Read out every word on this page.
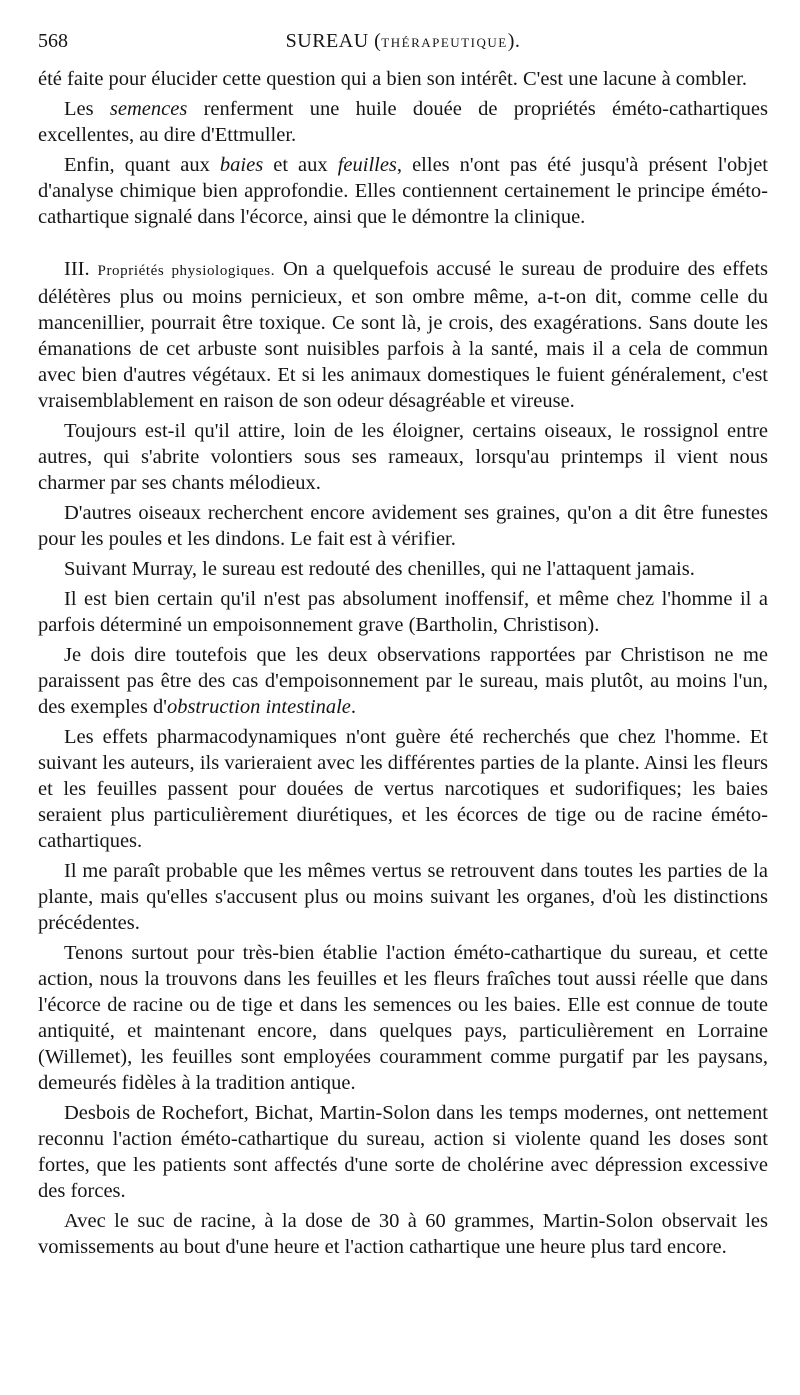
568	SUREAU (THÉRAPEUTIQUE).

été faite pour élucider cette question qui a bien son intérêt. C'est une lacune à combler.

Les semences renferment une huile douée de propriétés éméto-cathartiques excellentes, au dire d'Ettmuller.

Enfin, quant aux baies et aux feuilles, elles n'ont pas été jusqu'à présent l'objet d'analyse chimique bien approfondie. Elles contiennent certainement le principe éméto-cathartique signalé dans l'écorce, ainsi que le démontre la clinique.

III. Propriétés physiologiques. On a quelquefois accusé le sureau de produire des effets délétères plus ou moins pernicieux, et son ombre même, a-t-on dit, comme celle du mancenillier, pourrait être toxique. Ce sont là, je crois, des exagérations. Sans doute les émanations de cet arbuste sont nuisibles parfois à la santé, mais il a cela de commun avec bien d'autres végétaux. Et si les animaux domestiques le fuient généralement, c'est vraisemblablement en raison de son odeur désagréable et vireuse.

Toujours est-il qu'il attire, loin de les éloigner, certains oiseaux, le rossignol entre autres, qui s'abrite volontiers sous ses rameaux, lorsqu'au printemps il vient nous charmer par ses chants mélodieux.

D'autres oiseaux recherchent encore avidement ses graines, qu'on a dit être funestes pour les poules et les dindons. Le fait est à vérifier.

Suivant Murray, le sureau est redouté des chenilles, qui ne l'attaquent jamais.

Il est bien certain qu'il n'est pas absolument inoffensif, et même chez l'homme il a parfois déterminé un empoisonnement grave (Bartholin, Christison).

Je dois dire toutefois que les deux observations rapportées par Christison ne me paraissent pas être des cas d'empoisonnement par le sureau, mais plutôt, au moins l'un, des exemples d'obstruction intestinale.

Les effets pharmacodynamiques n'ont guère été recherchés que chez l'homme. Et suivant les auteurs, ils varieraient avec les différentes parties de la plante. Ainsi les fleurs et les feuilles passent pour douées de vertus narcotiques et sudorifiques; les baies seraient plus particulièrement diurétiques, et les écorces de tige ou de racine éméto-cathartiques.

Il me paraît probable que les mêmes vertus se retrouvent dans toutes les parties de la plante, mais qu'elles s'accusent plus ou moins suivant les organes, d'où les distinctions précédentes.

Tenons surtout pour très-bien établie l'action éméto-cathartique du sureau, et cette action, nous la trouvons dans les feuilles et les fleurs fraîches tout aussi réelle que dans l'écorce de racine ou de tige et dans les semences ou les baies. Elle est connue de toute antiquité, et maintenant encore, dans quelques pays, particulièrement en Lorraine (Willemet), les feuilles sont employées couramment comme purgatif par les paysans, demeurés fidèles à la tradition antique.

Desbois de Rochefort, Bichat, Martin-Solon dans les temps modernes, ont nettement reconnu l'action éméto-cathartique du sureau, action si violente quand les doses sont fortes, que les patients sont affectés d'une sorte de cholérine avec dépression excessive des forces.

Avec le suc de racine, à la dose de 30 à 60 grammes, Martin-Solon observait les vomissements au bout d'une heure et l'action cathartique une heure plus tard encore.
